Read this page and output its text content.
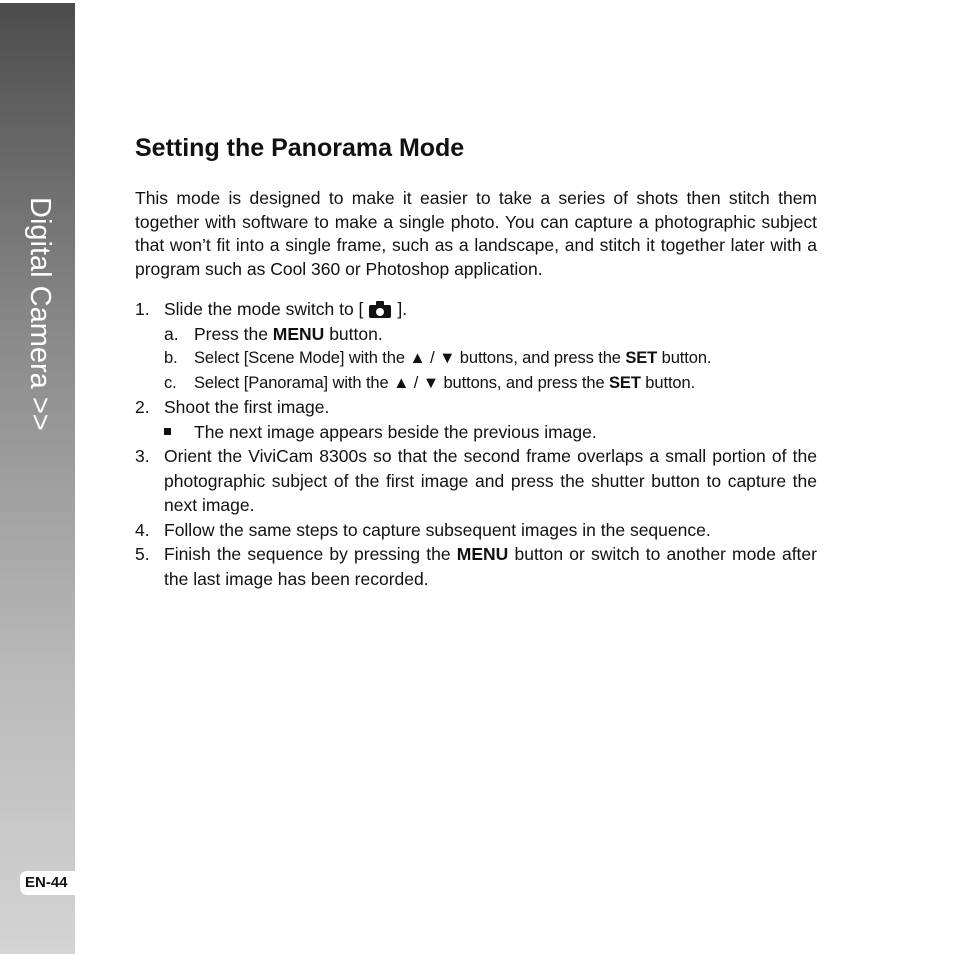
Digital Camera >>
EN-44
Setting the Panorama Mode

This mode is designed to make it easier to take a series of shots then stitch them together with software to make a single photo. You can capture a photographic subject that won’t fit into a single frame, such as a landscape, and stitch it together later with a program such as Cool 360 or Photoshop application.

1. Slide the mode switch to [ ].
a. Press the MENU button.
b. Select [Scene Mode] with the ▲ / ▼ buttons, and press the SET button.
c.	Select [Panorama] with the ▲ / ▼ buttons, and press the SET button.
2. Shoot the first image.
The next image appears beside the previous image.
3. Orient the ViviCam 8300s so that the second frame overlaps a small portion of the photographic subject of the first image and press the shutter button to capture the next image.
4. Follow the same steps to capture subsequent images in the sequence.
5. Finish the sequence by pressing the MENU button or switch to another mode after the last image has been recorded.
